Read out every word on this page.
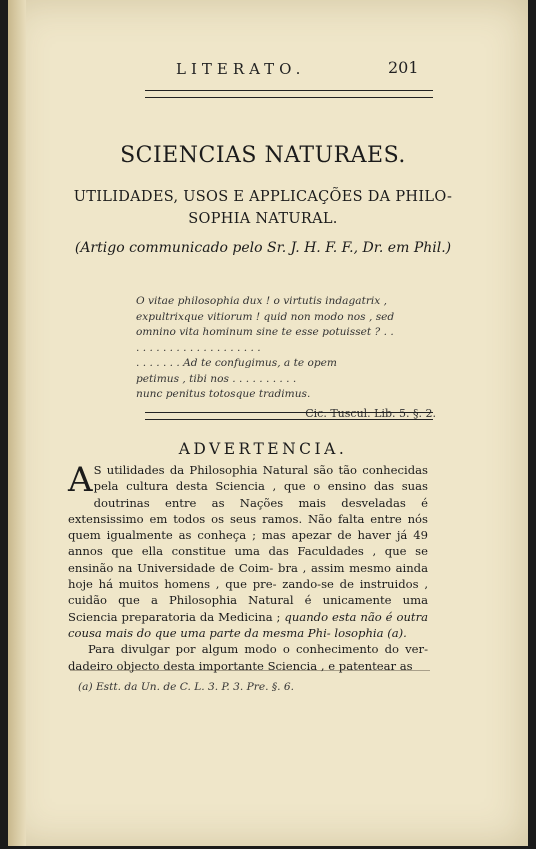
LITERATO.	201
SCIENCIAS NATURAES.
UTILIDADES, USOS E APPLICAÇÕES DA PHILO-
SOPHIA NATURAL.
(Artigo communicado pelo Sr. J. H. F. F., Dr. em Phil.)
O vitae philosophia dux ! o virtutis indagatrix ,
expultrixque vitiorum ! quid non modo nos , sed
omnino vita hominum sine te esse potuisset ? . .
. . . . . . . . . . . . . . . . . . .
. . . . . . . Ad te confugimus, a te opem
petimus , tibi nos . . . . . . . . . .
nunc penitus totosque tradimus.
Cic. Tuscul. Lib. 5. §. 2.
ADVERTENCIA.

A S utilidades da Philosophia Natural são tão conhecidas pela cultura desta Sciencia , que o ensino das suas doutrinas entre as Nações mais desveladas é extensissimo em todos os seus ramos. Não falta entre nós quem igualmente as conheça ; mas apezar de haver já 49 annos que ella constitue uma das Faculdades , que se ensinão na Universidade de Coim- bra , assim mesmo ainda hoje há muitos homens , que pre- zando-se de instruidos , cuidão que a Philosophia Natural é unicamente uma Sciencia preparatoria da Medicina ; quando esta não é outra cousa mais do que uma parte da mesma Phi- losophia (a).

Para divulgar por algum modo o conhecimento do ver- dadeiro objecto desta importante Sciencia , e patentear as

(a) Estt. da Un. de C. L. 3. P. 3. Pre. §. 6.
